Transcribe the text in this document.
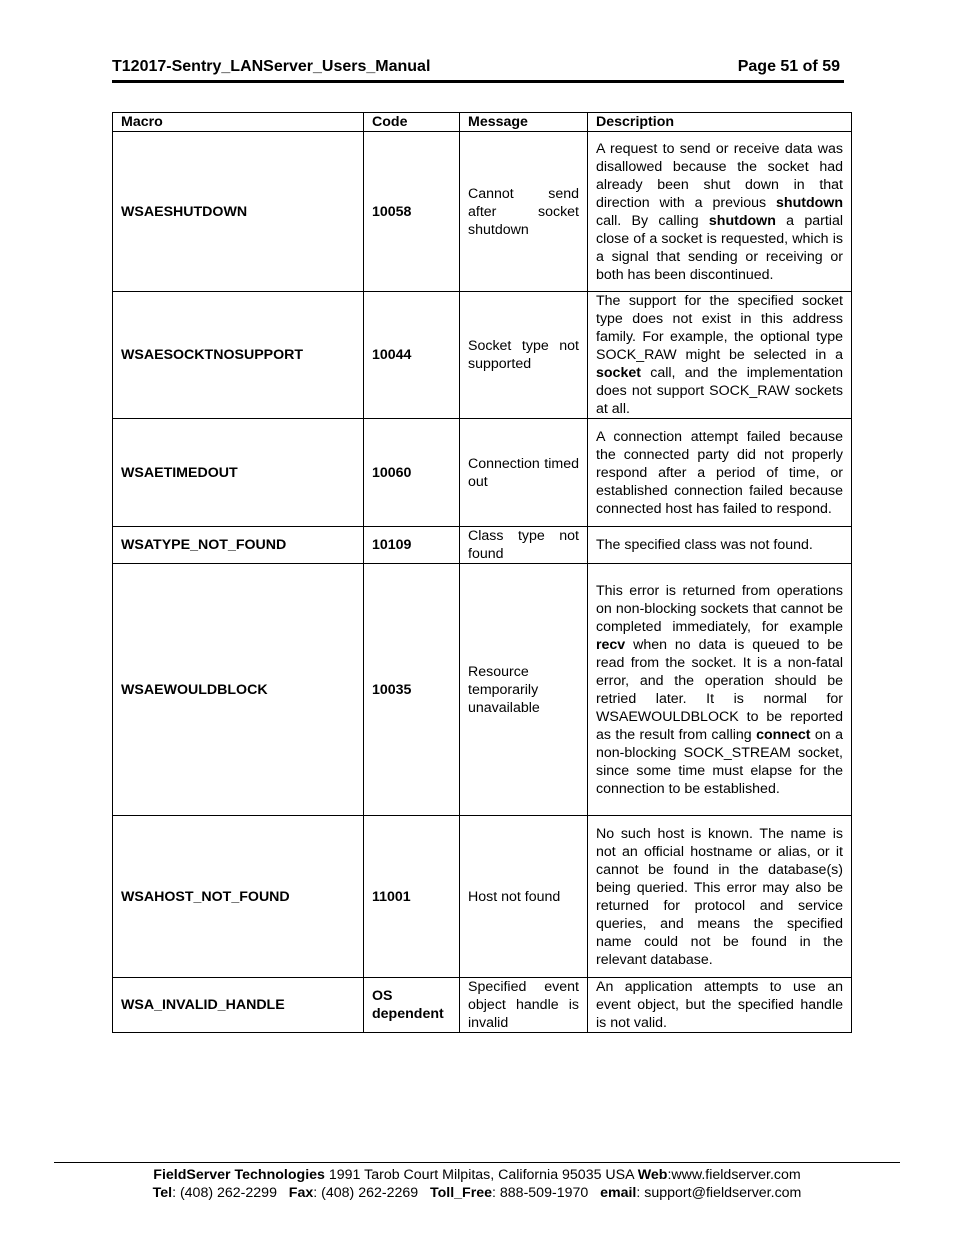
T12017-Sentry_LANServer_Users_Manual	Page 51 of 59
Macro	Code	Message	Description
WSAESHUTDOWN	10058	Cannot send after socket shutdown	A request to send or receive data was disallowed because the socket had already been shut down in that direction with a previous shutdown call. By calling shutdown a partial close of a socket is requested, which is a signal that sending or receiving or both has been discontinued.
WSAESOCKTNOSUPPORT	10044	Socket type not supported	The support for the specified socket type does not exist in this address family. For example, the optional type SOCK_RAW might be selected in a socket call, and the implementation does not support SOCK_RAW sockets at all.
WSAETIMEDOUT	10060	Connection timed out	A connection attempt failed because the connected party did not properly respond after a period of time, or established connection failed because connected host has failed to respond.
WSATYPE_NOT_FOUND	10109	Class type not found	The specified class was not found.
WSAEWOULDBLOCK	10035	Resource temporarily unavailable	This error is returned from operations on non-blocking sockets that cannot be completed immediately, for example recv when no data is queued to be read from the socket. It is a non-fatal error, and the operation should be retried later. It is normal for WSAEWOULDBLOCK to be reported as the result from calling connect on a non-blocking SOCK_STREAM socket, since some time must elapse for the connection to be established.
WSAHOST_NOT_FOUND	11001	Host not found	No such host is known. The name is not an official hostname or alias, or it cannot be found in the database(s) being queried. This error may also be returned for protocol and service queries, and means the specified name could not be found in the relevant database.
WSA_INVALID_HANDLE	OS dependent	Specified event object handle is invalid	An application attempts to use an event object, but the specified handle is not valid.
FieldServer Technologies 1991 Tarob Court Milpitas, California 95035 USA Web:www.fieldserver.com
Tel: (408) 262-2299   Fax: (408) 262-2269   Toll_Free: 888-509-1970   email: support@fieldserver.com
